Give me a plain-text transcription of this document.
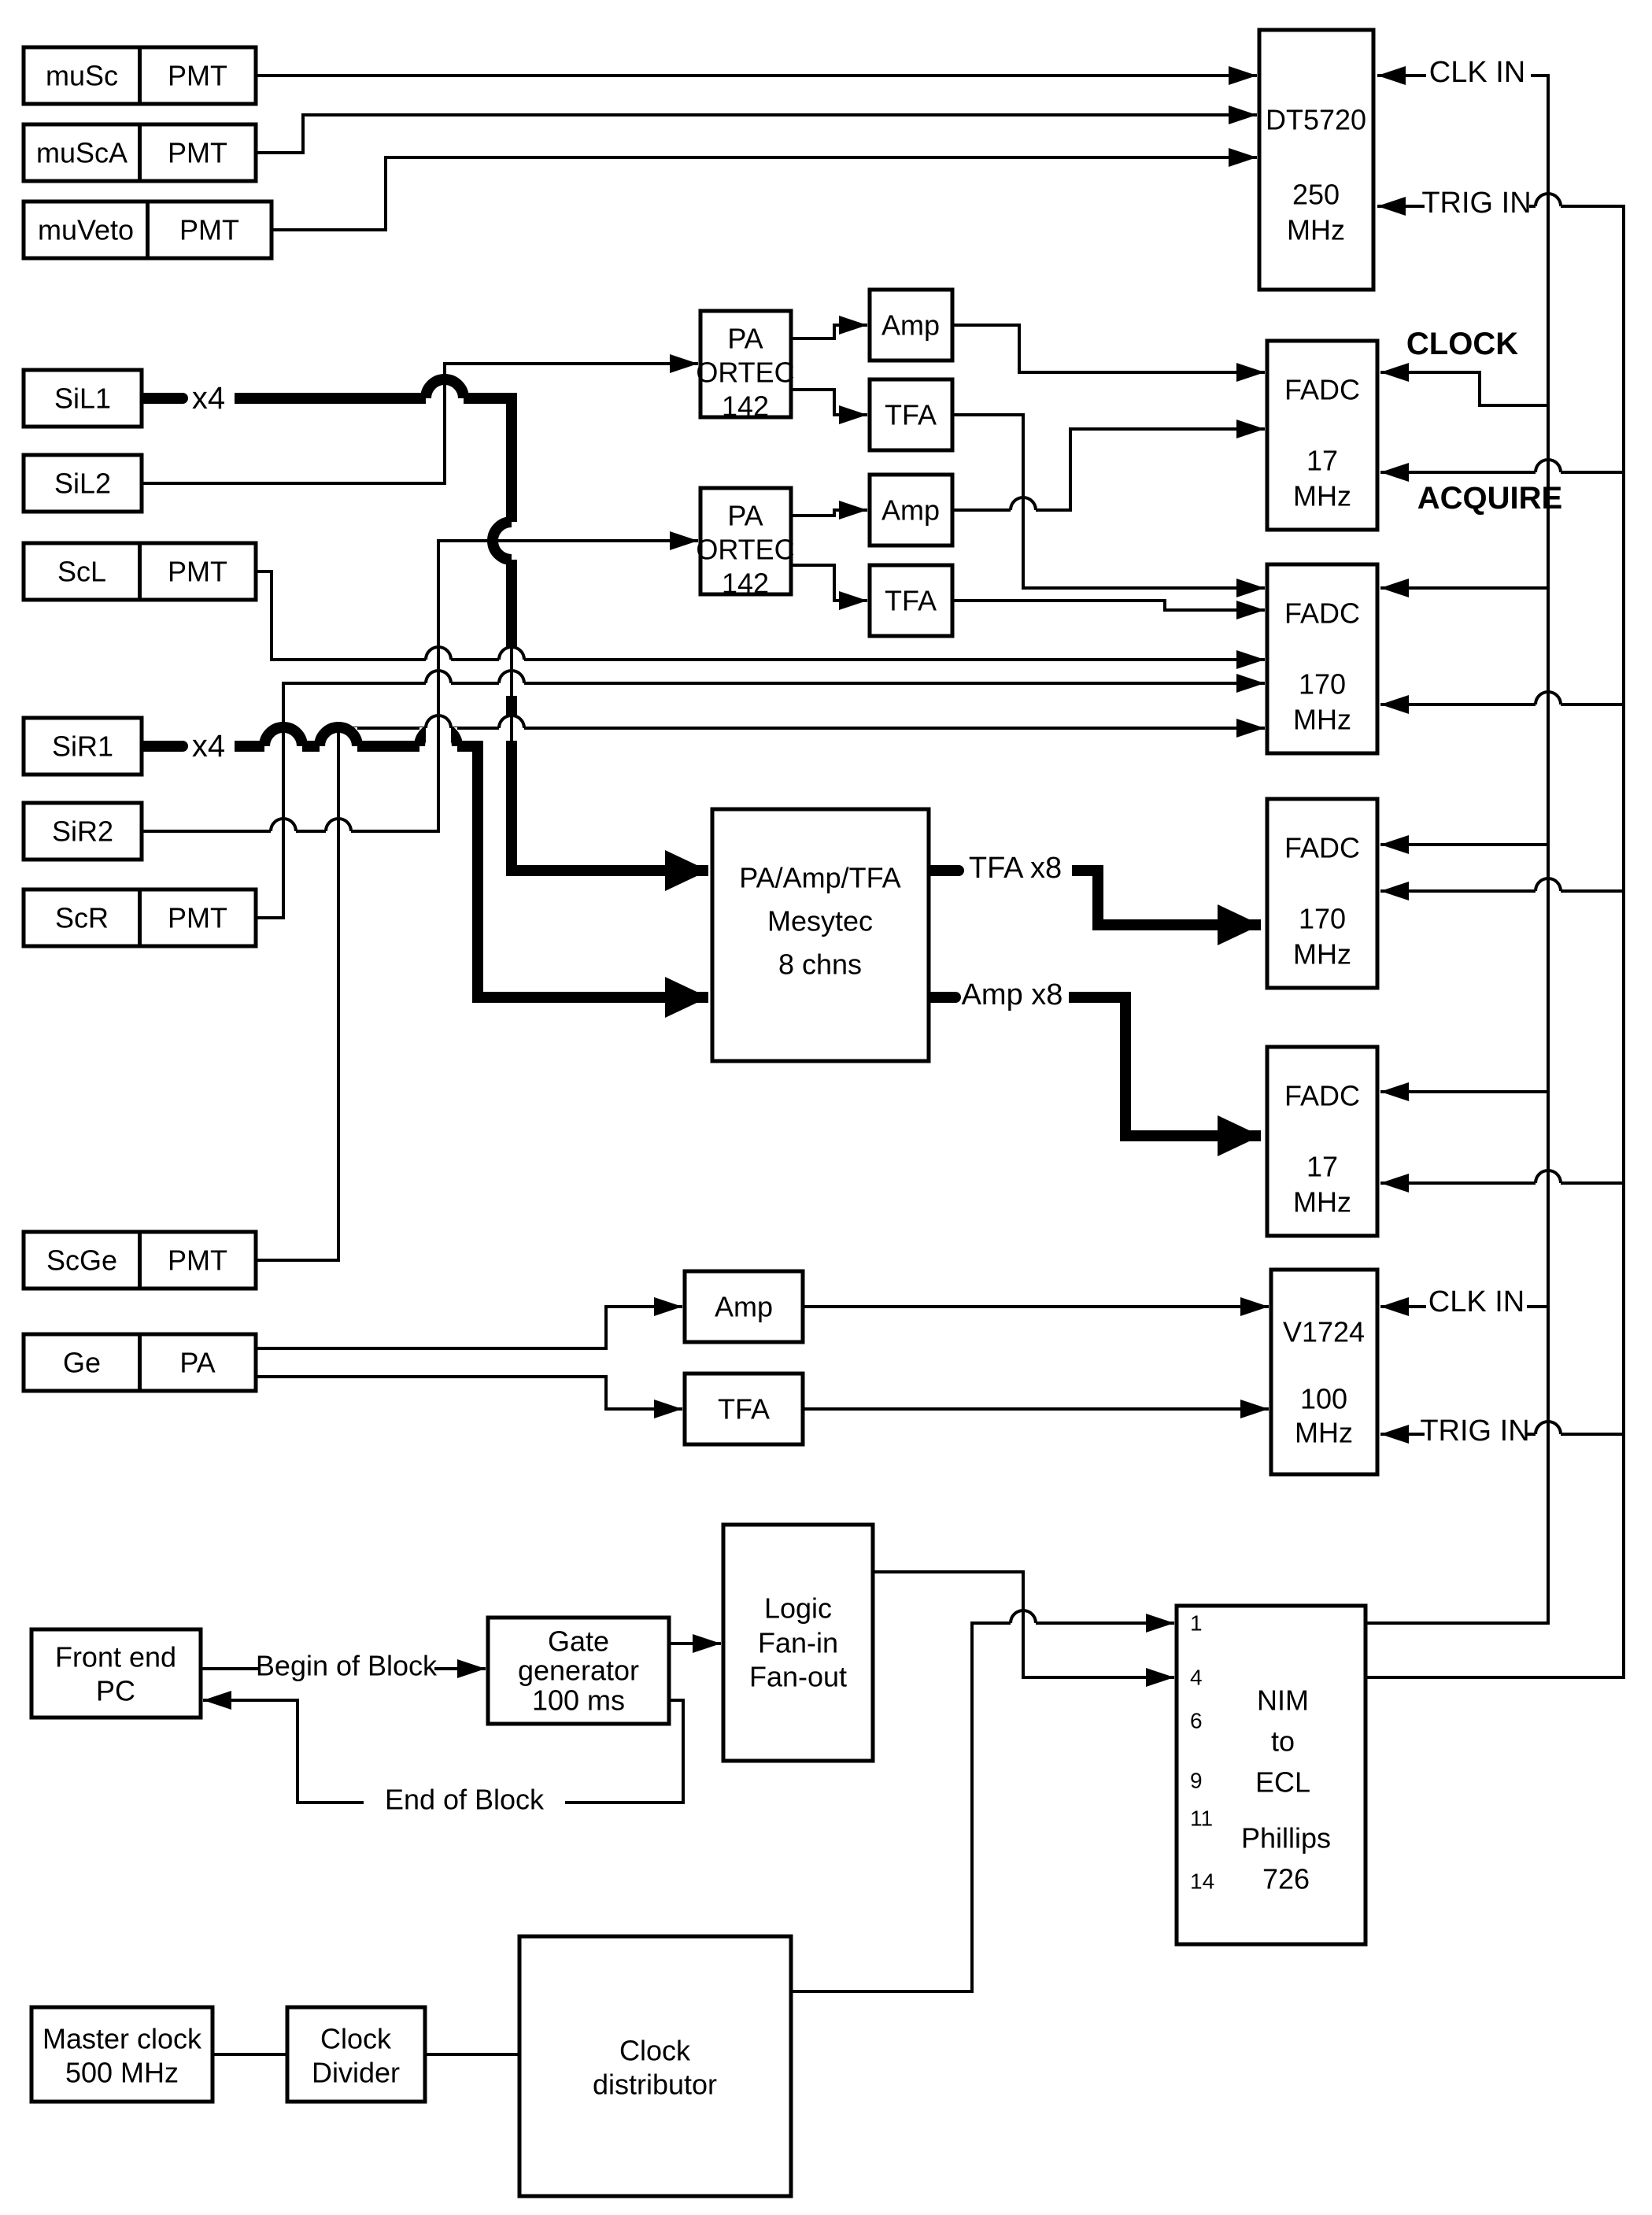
muSc PMT
muScA PMT
muVeto PMT
SiL1	x4
SiL2
ScL PMT
SiR1 x4
SiR2
ScR PMT
ScGe PMT
Ge	PA
DT5720
250
MHz
CLK IN
TRIG IN
CLOCK
ACQUIRE
PA
ORTEC
142
Amp
TFA
PA
ORTEC
142
Amp
TFA
FADC
17
MHz
FADC
170
MHz
PA/Amp/TFA
Mesytec
8 chns
TFA x8
Amp x8
FADC
170
MHz
FADC
17
MHz
Amp
TFA
V1724
100
MHz
CLK IN
TRIG IN
Front end
PC
Begin of Block
End of Block
Gate
generator
100 ms
Logic
Fan-in
Fan-out
1
4
6
9
11
14
NIM
to
ECL
Phillips
726
Master clock
500 MHz
Clock
Divider
Clock
distributor
